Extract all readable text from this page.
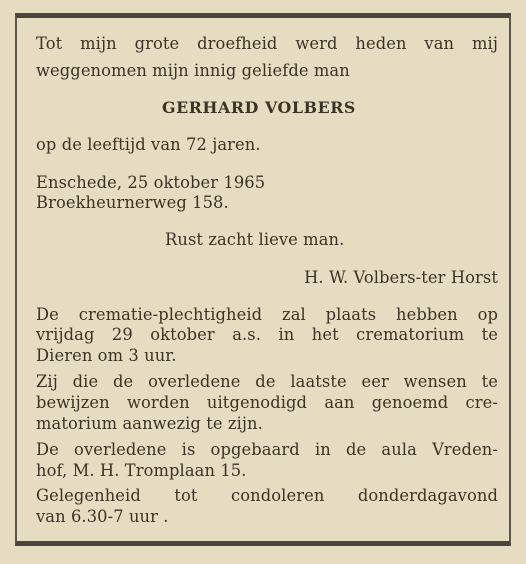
Tot mijn grote droefheid werd heden van mij
weggenomen mijn innig geliefde man
GERHARD VOLBERS
op de leeftijd van 72 jaren.
Enschede, 25 oktober 1965
Broekheurnerweg 158.
Rust zacht lieve man.
H. W. Volbers-ter Horst
De crematie-plechtigheid zal plaats hebben op
vrijdag 29 oktober a.s. in het crematorium te
Dieren om 3 uur.
Zij die de overledene de laatste eer wensen te
bewijzen worden uitgenodigd aan genoemd cre-
matorium aanwezig te zijn.
De overledene is opgebaard in de aula Vreden-
hof, M. H. Tromplaan 15.
Gelegenheid tot condoleren donderdagavond
van 6.30-7 uur .
